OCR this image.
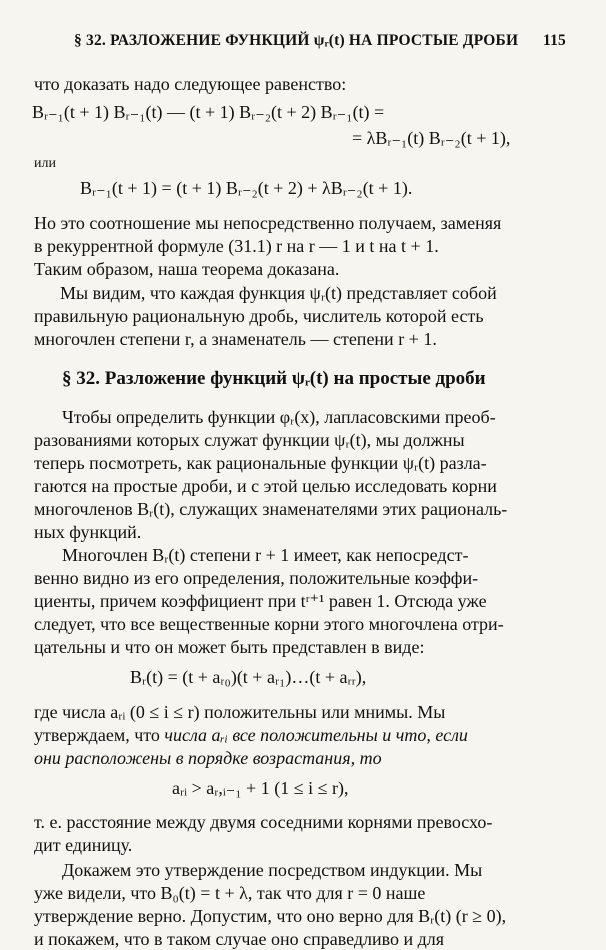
§ 32. РАЗЛОЖЕНИЕ ФУНКЦИЙ ψᵣ(t) НА ПРОСТЫЕ ДРОБИ 115
что доказать надо следующее равенство:
Bᵣ₋₁(t + 1) Bᵣ₋₁(t) — (t + 1) Bᵣ₋₂(t + 2) Bᵣ₋₁(t) =
= λBᵣ₋₁(t) Bᵣ₋₂(t + 1),
или
Bᵣ₋₁(t + 1) = (t + 1) Bᵣ₋₂(t + 2) + λBᵣ₋₂(t + 1).
Но это соотношение мы непосредственно получаем, заменяя
в рекуррентной формуле (31.1) r на r — 1 и t на t + 1.
Таким образом, наша теорема доказана.
Мы видим, что каждая функция ψᵣ(t) представляет собой
правильную рациональную дробь, числитель которой есть
многочлен степени r, а знаменатель — степени r + 1.
§ 32. Разложение функций ψᵣ(t) на простые дроби
Чтобы определить функции φᵣ(x), лапласовскими преоб-
разованиями которых служат функции ψᵣ(t), мы должны
теперь посмотреть, как рациональные функции ψᵣ(t) разла-
гаются на простые дроби, и с этой целью исследовать корни
многочленов Bᵣ(t), служащих знаменателями этих рациональ-
ных функций.
Многочлен Bᵣ(t) степени r + 1 имеет, как непосредст-
венно видно из его определения, положительные коэффи-
циенты, причем коэффициент при tʳ⁺¹ равен 1. Отсюда уже
следует, что все вещественные корни этого многочлена отри-
цательны и что он может быть представлен в виде:
Bᵣ(t) = (t + aᵣ₀)(t + aᵣ₁)…(t + aᵣᵣ),
где числа aᵣᵢ (0 ≤ i ≤ r) положительны или мнимы. Мы
утверждаем, что числа aᵣᵢ все положительны и что, если
они расположены в порядке возрастания, то
aᵣᵢ > aᵣ,ᵢ₋₁ + 1 (1 ≤ i ≤ r),
т. е. расстояние между двумя соседними корнями превосхо-
дит единицу.
Докажем это утверждение посредством индукции. Мы
уже видели, что B₀(t) = t + λ, так что для r = 0 наше
утверждение верно. Допустим, что оно верно для Bᵣ(t) (r ≥ 0),
и покажем, что в таком случае оно справедливо и для
